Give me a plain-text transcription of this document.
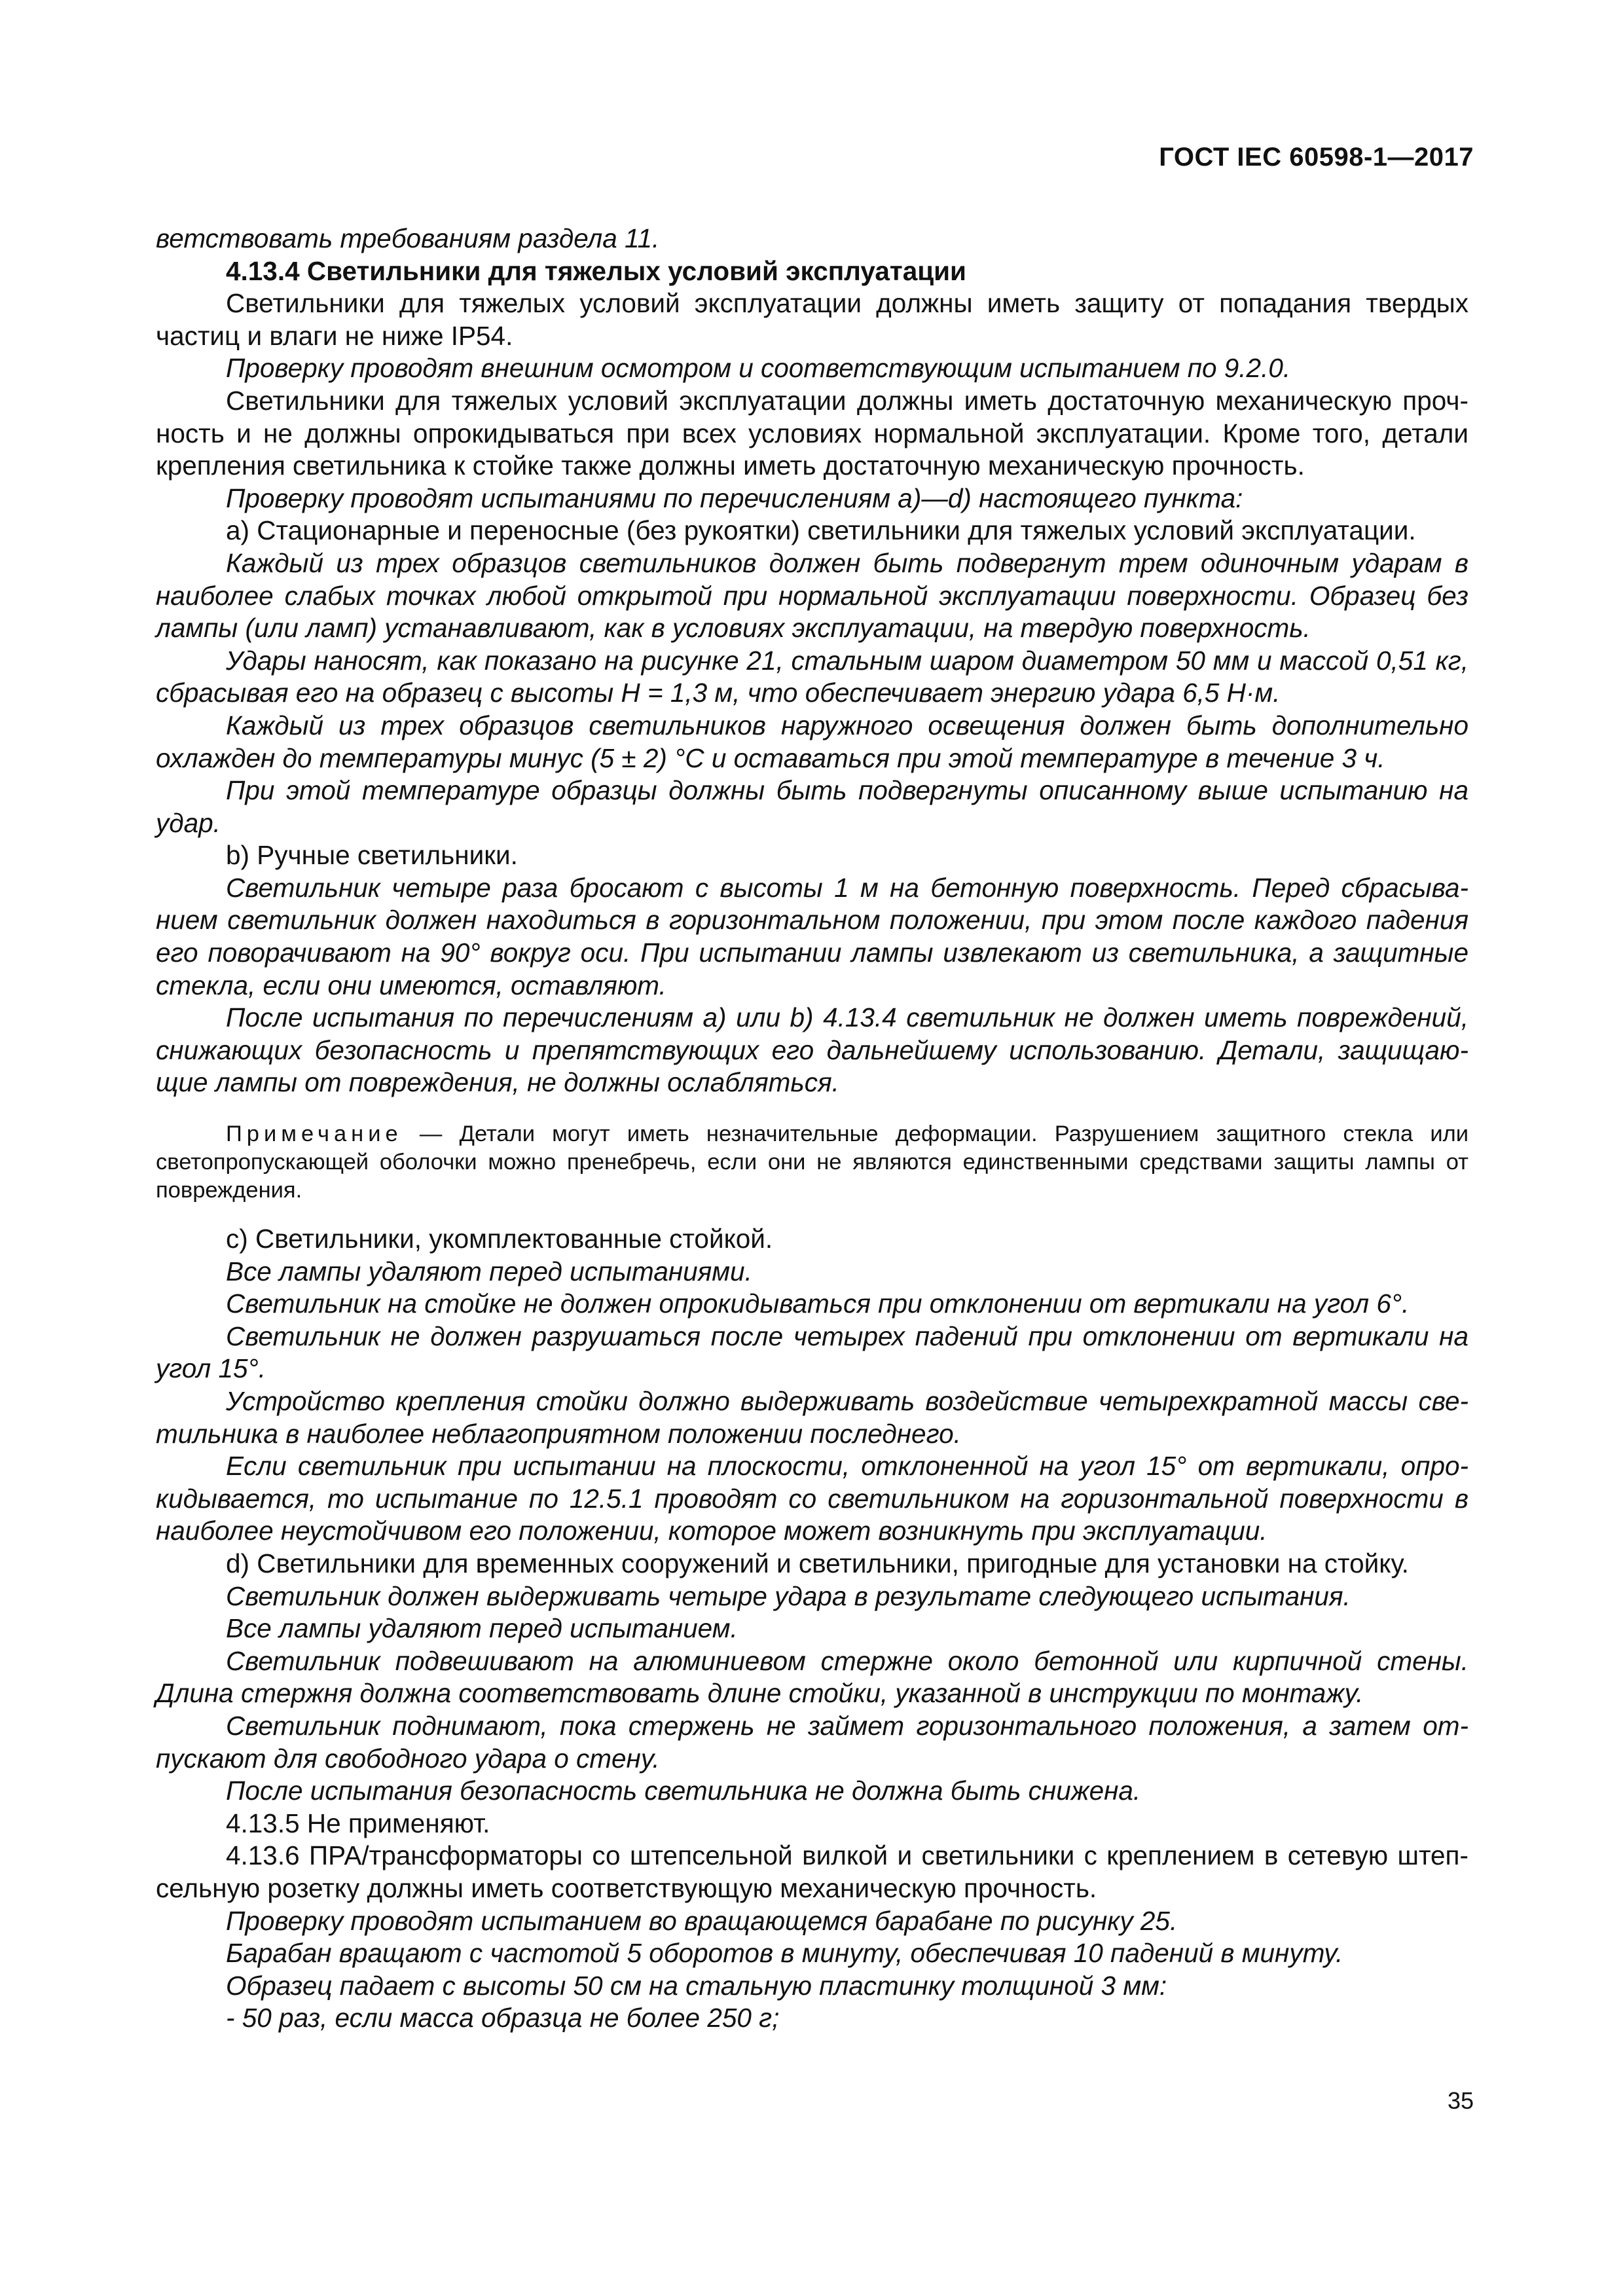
ГОСТ IEC 60598-1—2017

ветствовать требованиям раздела 11.

4.13.4 Светильники для тяжелых условий эксплуатации

Светильники для тяжелых условий эксплуатации должны иметь защиту от попадания твердых частиц и влаги не ниже IP54.

Проверку проводят внешним осмотром и соответствующим испытанием по 9.2.0.

Светильники для тяжелых условий эксплуатации должны иметь достаточную механическую прочность и не должны опрокидываться при всех условиях нормальной эксплуатации. Кроме того, детали крепления светильника к стойке также должны иметь достаточную механическую прочность.

Проверку проводят испытаниями по перечислениям а)—d) настоящего пункта:

а) Стационарные и переносные (без рукоятки) светильники для тяжелых условий эксплуатации.

Каждый из трех образцов светильников должен быть подвергнут трем одиночным ударам в наиболее слабых точках любой открытой при нормальной эксплуатации поверхности. Образец без лампы (или ламп) устанавливают, как в условиях эксплуатации, на твердую поверхность.

Удары наносят, как показано на рисунке 21, стальным шаром диаметром 50 мм и массой 0,51 кг, сбрасывая его на образец с высоты Н = 1,3 м, что обеспечивает энергию удара 6,5 Н·м.

Каждый из трех образцов светильников наружного освещения должен быть дополнительно охлажден до температуры минус (5 ± 2) °С и оставаться при этой температуре в течение 3 ч.

При этой температуре образцы должны быть подвергнуты описанному выше испытанию на удар.

b) Ручные светильники.

Светильник четыре раза бросают с высоты 1 м на бетонную поверхность. Перед сбрасыванием светильник должен находиться в горизонтальном положении, при этом после каждого падения его поворачивают на 90° вокруг оси. При испытании лампы извлекают из светильника, а защитные стекла, если они имеются, оставляют.

После испытания по перечислениям а) или b) 4.13.4 светильник не должен иметь повреждений, снижающих безопасность и препятствующих его дальнейшему использованию. Детали, защищающие лампы от повреждения, не должны ослабляться.

Примечание — Детали могут иметь незначительные деформации. Разрушением защитного стекла или светопропускающей оболочки можно пренебречь, если они не являются единственными средствами защиты лампы от повреждения.

с) Светильники, укомплектованные стойкой.

Все лампы удаляют перед испытаниями.

Светильник на стойке не должен опрокидываться при отклонении от вертикали на угол 6°.

Светильник не должен разрушаться после четырех падений при отклонении от вертикали на угол 15°.

Устройство крепления стойки должно выдерживать воздействие четырехкратной массы светильника в наиболее неблагоприятном положении последнего.

Если светильник при испытании на плоскости, отклоненной на угол 15° от вертикали, опрокидывается, то испытание по 12.5.1 проводят со светильником на горизонтальной поверхности в наиболее неустойчивом его положении, которое может возникнуть при эксплуатации.

d) Светильники для временных сооружений и светильники, пригодные для установки на стойку.

Светильник должен выдерживать четыре удара в результате следующего испытания.

Все лампы удаляют перед испытанием.

Светильник подвешивают на алюминиевом стержне около бетонной или кирпичной стены. Длина стержня должна соответствовать длине стойки, указанной в инструкции по монтажу.

Светильник поднимают, пока стержень не займет горизонтального положения, а затем отпускают для свободного удара о стену.

После испытания безопасность светильника не должна быть снижена.

4.13.5 Не применяют.

4.13.6 ПРА/трансформаторы со штепсельной вилкой и светильники с креплением в сетевую штепсельную розетку должны иметь соответствующую механическую прочность.

Проверку проводят испытанием во вращающемся барабане по рисунку 25.

Барабан вращают с частотой 5 оборотов в минуту, обеспечивая 10 падений в минуту.

Образец падает с высоты 50 см на стальную пластинку толщиной 3 мм:

- 50 раз, если масса образца не более 250 г;

35
